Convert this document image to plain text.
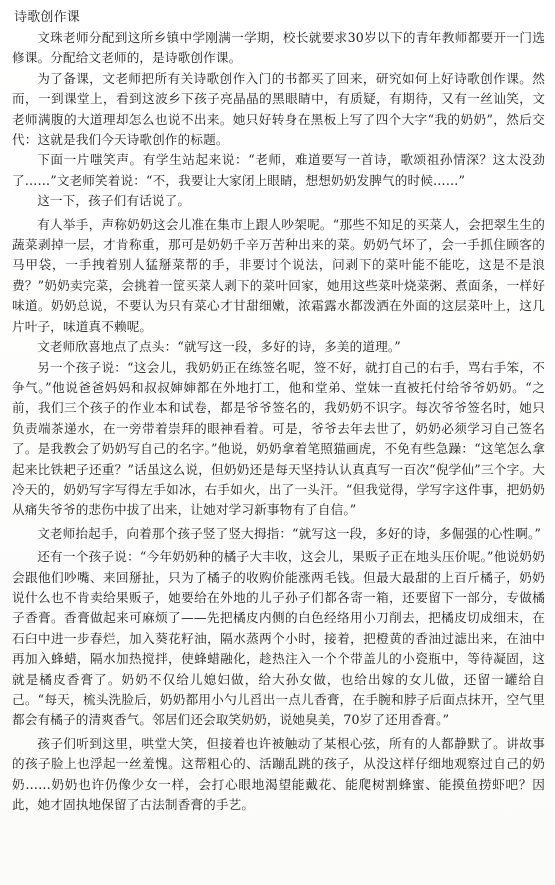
诗歌创作课

文珠老师分配到这所乡镇中学刚满一学期，校长就要求30岁以下的青年教师都要开一门选修课。分配给文老师的，是诗歌创作课。

为了备课，文老师把所有关诗歌创作入门的书都买了回来，研究如何上好诗歌创作课。然而，一到课堂上，看到这波乡下孩子亮晶晶的黑眼睛中，有质疑，有期待，又有一丝讪笑，文老师满腹的大道理却怎么也说不出来。她只好转身在黑板上写了四个大字“我的奶奶”，然后交代：这就是我们今天诗歌创作的标题。

下面一片嗤笑声。有学生站起来说：“老师，难道要写一首诗，歌颂祖孙情深？这太没劲了……”文老师笑着说：“不，我要让大家闭上眼睛，想想奶奶发脾气的时候……”

这一下，孩子们有话说了。

有人举手，声称奶奶这会儿准在集市上跟人吵架呢。“那些不知足的买菜人，会把翠生生的蔬菜剥掉一层，才肯称重，那可是奶奶千辛万苦种出来的菜。奶奶气坏了，会一手抓住顾客的马甲袋，一手拽着别人猛掰菜帮的手，非要讨个说法，问剥下的菜叶能不能吃，这是不是浪费？”奶奶卖完菜，会挑着一筐买菜人剥下的菜叶回家，她用这些菜叶烧菜粥、煮面条，一样好味道。奶奶总说，不要认为只有菜心才甘甜细嫩，浓霜露水都泼洒在外面的这层菜叶上，这几片叶子，味道真不赖呢。

文老师欣喜地点了点头：“就写这一段，多好的诗，多美的道理。”

另一个孩子说：“这会儿，我奶奶正在练签名呢，签不好，就打自己的右手，骂右手笨，不争气。”他说爸爸妈妈和叔叔婶婶都在外地打工，他和堂弟、堂妹一直被托付给爷爷奶奶。“之前，我们三个孩子的作业本和试卷，都是爷爷签名的，我奶奶不识字。每次爷爷签名时，她只负责端茶递水，在一旁带着崇拜的眼神看着。可是，爷爷去年去世了，奶奶必须学习自己签名了。是我教会了奶奶写自己的名字。”他说，奶奶拿着笔照猫画虎，不免有些急躁：“这笔怎么拿起来比铁耙子还重？”话虽这么说，但奶奶还是每天坚持认认真真写一百次“倪学仙”三个字。大冷天的，奶奶写字写得左手如冰，右手如火，出了一头汗。“但我觉得，学写字这件事，把奶奶从痛失爷爷的悲伤中拔了出来，让她对学习新事物有了自信。”

文老师抬起手，向着那个孩子竖了竖大拇指：“就写这一段，多好的诗，多倔强的心性啊。”

还有一个孩子说：“今年奶奶种的橘子大丰收，这会儿，果贩子正在地头压价呢。”他说奶奶会跟他们吵嘴、来回掰扯，只为了橘子的收购价能涨两毛钱。但最大最甜的上百斤橘子，奶奶说什么也不肯卖给果贩子，她要给在外地的儿子孙子们都各寄一箱，还要留下一部分，专做橘子香膏。香膏做起来可麻烦了——先把橘皮内侧的白色经络用小刀削去，把橘皮切成细末，在石臼中进一步春烂，加入葵花籽油，隔水蒸两个小时，接着，把橙黄的香油过滤出来，在油中再加入蜂蜡，隔水加热搅拌，使蜂蜡融化，趁热注入一个个带盖儿的小瓷瓶中，等待凝固，这就是橘皮香膏了。奶奶不仅给儿媳妇做，给大孙女做，也给出嫁的女儿做，还留一罐给自己。“每天，梳头洗脸后，奶奶都用小勺儿舀出一点儿香膏，在手腕和脖子后面点抹开，空气里都会有橘子的清爽香气。邻居们还会取笑奶奶，说她臭美，70岁了还用香膏。”

孩子们听到这里，哄堂大笑，但接着也许被触动了某根心弦，所有的人都静默了。讲故事的孩子脸上也浮起一丝羞愧。这帮粗心的、活蹦乱跳的孩子，从没这样仔细地观察过自己的奶奶……奶奶也许仍像少女一样，会打心眼地渴望能戴花、能爬树割蜂蜜、能摸鱼捞虾吧？因此，她才固执地保留了古法制香膏的手艺。
